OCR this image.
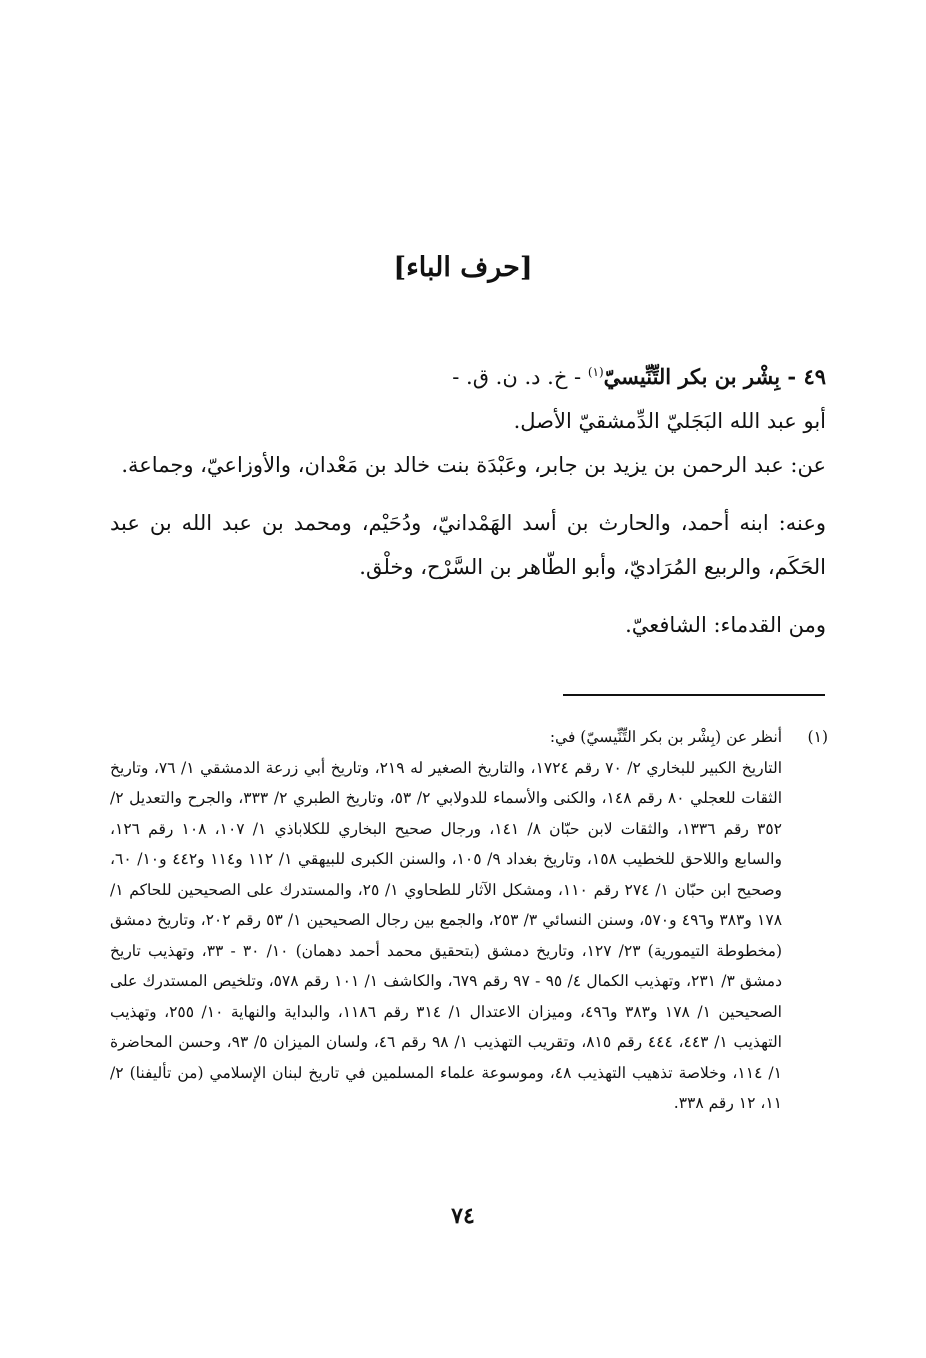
[حرف الباء]

٤٩ - بِشْر بن بكر التِّنِّيسيّ$^{(١)}$ - خ. د. ن. ق. -

أبو عبد الله البَجَليّ الدِّمشقيّ الأصل.

عن: عبد الرحمن بن يزيد بن جابر، وعَبْدَة بنت خالد بن مَعْدان، والأوزاعيّ، وجماعة.

وعنه: ابنه أحمد، والحارث بن أسد الهَمْدانيّ، ودُحَيْم، ومحمد بن عبد الله بن عبد الحَكَم، والربيع المُرَاديّ، وأبو الطّاهر بن السَّرْح، وخلْق.

ومن القدماء: الشافعيّ.

(١)أنظر عن (بِشْر بن بكر التِّنِّيسيّ) في:

التاريخ الكبير للبخاري ٢/ ٧٠ رقم ١٧٢٤، والتاريخ الصغير له ٢١٩، وتاريخ أبي زرعة الدمشقي ١/ ٧٦، وتاريخ الثقات للعجلي ٨٠ رقم ١٤٨، والكنى والأسماء للدولابي ٢/ ٥٣، وتاريخ الطبري ٢/ ٣٣٣، والجرح والتعديل ٢/ ٣٥٢ رقم ١٣٣٦، والثقات لابن حبّان ٨/ ١٤١، ورجال صحيح البخاري للكلاباذي ١/ ١٠٧، ١٠٨ رقم ١٢٦، والسابع واللاحق للخطيب ١٥٨، وتاريخ بغداد ٩/ ١٠٥، والسنن الكبرى للبيهقي ١/ ١١٢ و١١٤ و٤٤٢ و١٠/ ٦٠، وصحيح ابن حبّان ١/ ٢٧٤ رقم ١١٠، ومشكل الآثار للطحاوي ١/ ٢٥، والمستدرك على الصحيحين للحاكم ١/ ١٧٨ و٣٨٣ و٤٩٦ و٥٧٠، وسنن النسائي ٣/ ٢٥٣، والجمع بين رجال الصحيحين ١/ ٥٣ رقم ٢٠٢، وتاريخ دمشق (مخطوطة التيمورية) ٢٣/ ١٢٧، وتاريخ دمشق (بتحقيق محمد أحمد دهمان) ١٠/ ٣٠ - ٣٣، وتهذيب تاريخ دمشق ٣/ ٢٣١، وتهذيب الكمال ٤/ ٩٥ - ٩٧ رقم ٦٧٩، والكاشف ١/ ١٠١ رقم ٥٧٨، وتلخيص المستدرك على الصحيحين ١/ ١٧٨ و٣٨٣ و٤٩٦، وميزان الاعتدال ١/ ٣١٤ رقم ١١٨٦، والبداية والنهاية ١٠/ ٢٥٥، وتهذيب التهذيب ١/ ٤٤٣، ٤٤٤ رقم ٨١٥، وتقريب التهذيب ١/ ٩٨ رقم ٤٦، ولسان الميزان ٥/ ٩٣، وحسن المحاضرة ١/ ١١٤، وخلاصة تذهيب التهذيب ٤٨، وموسوعة علماء المسلمين في تاريخ لبنان الإسلامي (من تأليفنا) ٢/ ١١، ١٢ رقم ٣٣٨.

٧٤
